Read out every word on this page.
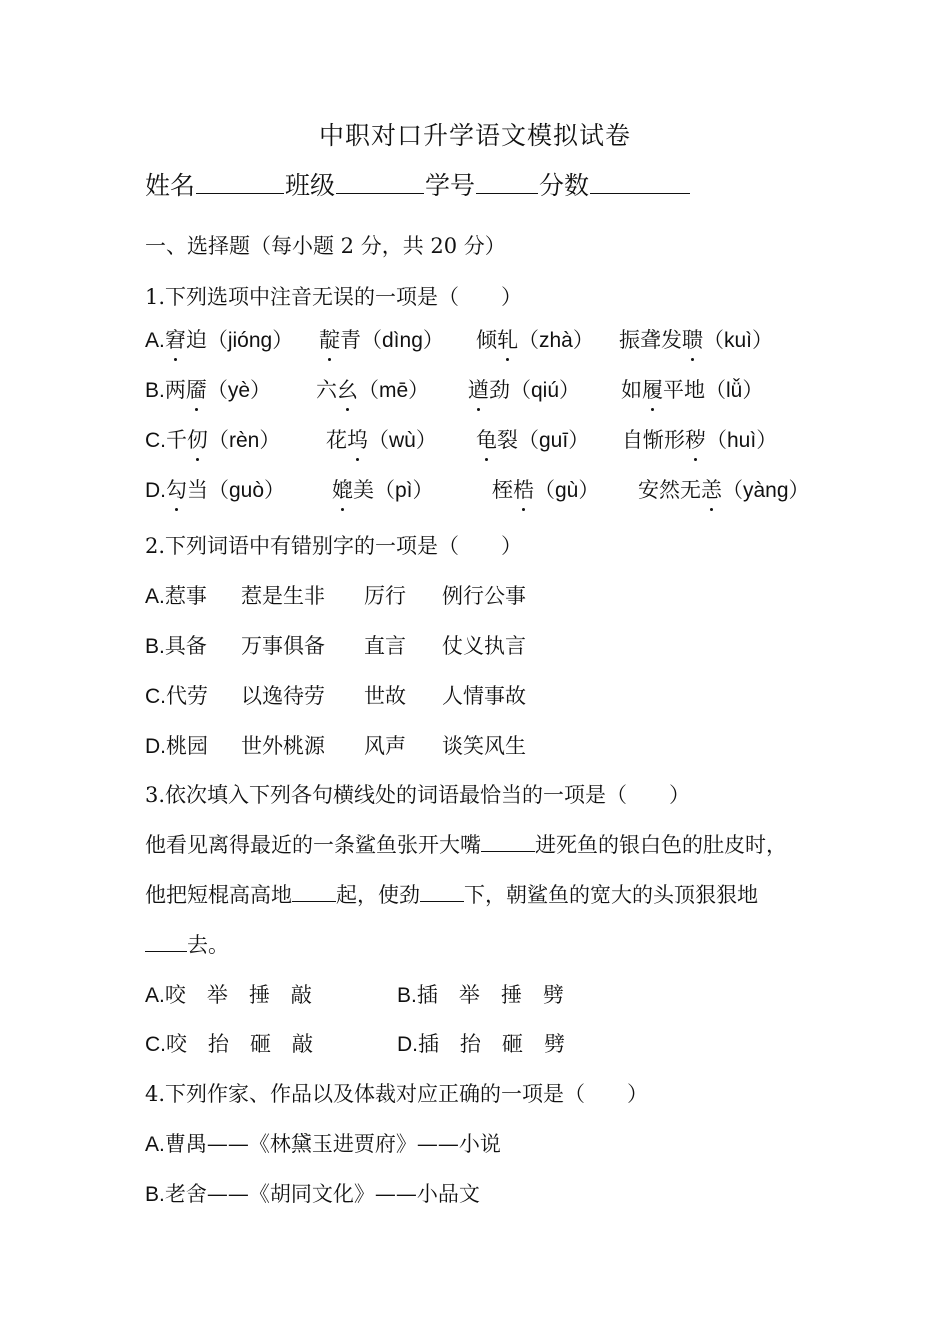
中职对口升学语文模拟试卷
姓名	班级	学号	分数
一、选择题（每小题 2 分，共 20 分）
1.下列选项中注音无误的一项是（　　）
A.窘迫（jióng） 靛青（dìng） 倾轧（zhà） 振聋发聩（kuì）
B.两靥（yè） 六幺（mē） 遒劲（qiú） 如履平地（lǚ）
C.千仞（rèn） 花坞（wù） 龟裂（guī） 自惭形秽（huì）
D.勾当（guò） 媲美（pì）	桎梏（gù） 安然无恙（yàng）
2.下列词语中有错别字的一项是（　　）
A.惹事 惹是生非 厉行 例行公事
B.具备 万事俱备 直言 仗义执言
C.代劳 以逸待劳 世故 人情事故
D.桃园 世外桃源 风声 谈笑风生
3.依次填入下列各句横线处的词语最恰当的一项是（　　）
他看见离得最近的一条鲨鱼张开大嘴	进死鱼的银白色的肚皮时，
他把短棍高高地 起，使劲 下，朝鲨鱼的宽大的头顶狠狠地
去。
A.咬　举　捶　敲	B.插　举　捶　劈
C.咬　抬　砸　敲	D.插　抬　砸　劈
4.下列作家、作品以及体裁对应正确的一项是（　　）
A.曹禺——《林黛玉进贾府》——小说
B.老舍——《胡同文化》——小品文
